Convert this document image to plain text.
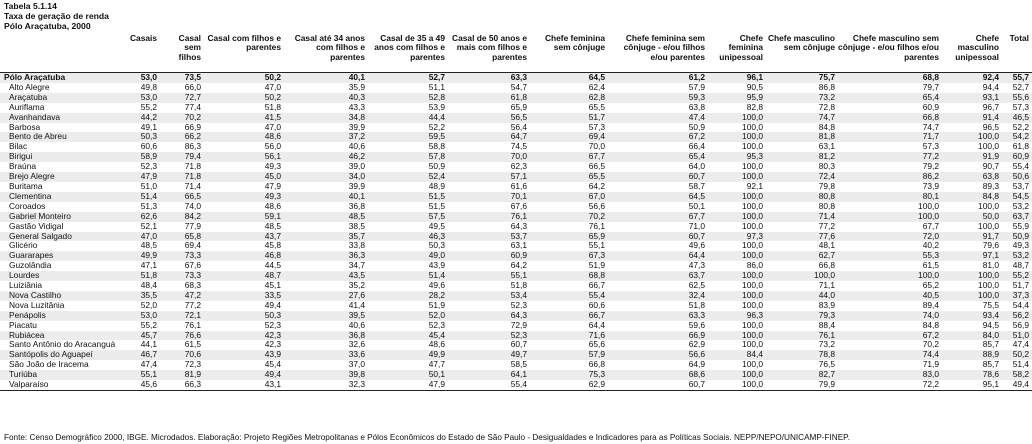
Tabela 5.1.14
Taxa de geração de renda
Pólo Araçatuba, 2000
	Casais	Casal sem filhos	Casal com filhos e parentes	Casal até 34 anos com filhos e parentes	Casal de 35 a 49 anos com filhos e parentes	Casal de 50 anos e mais com filhos e parentes	Chefe feminina sem cônjuge	Chefe feminina sem cônjuge - e/ou filhos e/ou parentes	Chefe feminina unipessoal	Chefe masculino sem cônjuge	Chefe masculino sem cônjuge - e/ou filhos e/ou parentes	Chefe masculino unipessoal	Total
Pólo Araçatuba	53,0	73,5	50,2	40,1	52,7	63,3	64,5	61,2	96,1	75,7	68,8	92,4	55,7
Alto Alegre	49,8	66,0	47,0	35,9	51,1	54,7	62,4	57,9	90,5	86,8	79,7	94,4	52,7
Araçatuba	53,0	72,7	50,2	40,3	52,8	61,8	62,8	59,3	95,9	73,2	65,4	93,1	55,6
Auriflama	55,2	77,4	51,8	43,3	53,9	65,9	65,5	63,8	82,8	72,8	60,9	96,7	57,3
Avanhandava	44,2	70,2	41,5	34,8	44,4	56,5	51,7	47,4	100,0	74,7	66,8	91,4	46,5
Barbosa	49,1	66,9	47,0	39,9	52,2	56,4	57,3	50,9	100,0	84,8	74,7	96,5	52,2
Bento de Abreu	50,3	66,2	48,6	37,2	59,5	64,7	69,4	67,2	100,0	81,8	71,7	100,0	54,2
Bilac	60,6	86,3	56,0	40,6	58,8	74,5	70,0	66,4	100,0	63,1	57,3	100,0	61,8
Birigui	58,9	79,4	56,1	46,2	57,8	70,0	67,7	65,4	95,3	81,2	77,2	91,9	60,9
Braúna	52,3	71,8	49,3	39,0	50,9	62,3	66,5	64,0	100,0	80,3	79,2	90,7	55,4
Brejo Alegre	47,9	71,8	45,0	34,0	52,4	57,1	65,5	60,7	100,0	72,4	86,2	63,8	50,6
Buritama	51,0	71,4	47,9	39,9	48,9	61,6	64,2	58,7	92,1	79,8	73,9	89,3	53,7
Clementina	51,4	66,5	49,3	40,1	51,5	70,1	67,0	64,5	100,0	80,8	80,1	84,8	54,5
Coroados	51,3	74,0	48,6	36,8	51,5	67,6	56,6	50,1	100,0	80,8	100,0	100,0	53,2
Gabriel Monteiro	62,6	84,2	59,1	48,5	57,5	76,1	70,2	67,7	100,0	71,4	100,0	50,0	63,7
Gastão Vidigal	52,1	77,9	48,5	38,5	49,5	64,3	76,1	71,0	100,0	77,2	67,7	100,0	55,9
General Salgado	47,0	65,8	43,7	35,7	46,3	53,7	65,9	60,7	97,3	77,6	72,0	91,7	50,9
Glicério	48,5	69,4	45,8	33,8	50,3	63,1	55,1	49,6	100,0	48,1	40,2	79,6	49,3
Guararapes	49,9	73,3	46,8	36,3	49,0	60,9	67,3	64,4	100,0	62,7	55,3	97,1	53,2
Guzolândia	47,1	67,6	44,5	34,7	43,9	64,2	51,9	47,3	86,0	66,8	61,5	81,0	48,7
Lourdes	51,8	73,3	48,7	43,5	51,4	55,1	68,8	63,7	100,0	100,0	100,0	100,0	55,2
Luiziânia	48,4	68,3	45,1	35,2	49,6	51,8	66,7	62,5	100,0	71,1	65,2	100,0	51,7
Nova Castilho	35,5	47,2	33,5	27,6	28,2	53,4	55,4	32,4	100,0	44,0	40,5	100,0	37,3
Nova Luzitânia	52,0	77,2	49,4	41,4	51,9	52,3	60,6	51,8	100,0	83,9	89,4	75,5	54,4
Penápolis	53,0	72,1	50,3	39,5	52,0	64,3	66,7	63,3	96,3	79,3	74,0	93,4	56,2
Piacatu	55,2	76,1	52,3	40,6	52,3	72,9	64,4	59,6	100,0	88,4	84,8	94,5	56,9
Rubiácea	45,7	76,6	42,3	36,8	45,4	52,3	71,6	66,9	100,0	76,1	67,2	84,0	51,0
Santo Antônio do Aracanguá	44,1	61,5	42,3	32,6	48,6	60,7	65,6	62,9	100,0	73,2	70,2	85,7	47,4
Santópolis do Aguapeí	46,7	70,6	43,9	33,6	49,9	49,7	57,9	56,6	84,4	78,8	74,4	88,9	50,2
São João de Iracema	47,4	72,3	45,4	37,0	47,7	58,5	66,8	64,9	100,0	76,5	71,9	85,7	51,4
Turiúba	55,1	81,9	49,4	39,8	50,1	64,1	75,3	68,6	100,0	82,7	83,0	78,6	58,2
Valparaíso	45,6	66,3	43,1	32,3	47,9	55,4	62,9	60,7	100,0	79,9	72,2	95,1	49,4
Fonte: Censo Demográfico 2000, IBGE. Microdados. Elaboração: Projeto Regiões Metropolitanas e Pólos Econômicos do Estado de São Paulo - Desigualdades e Indicadores para as Políticas Sociais. NEPP/NEPO/UNICAMP-FINEP.
